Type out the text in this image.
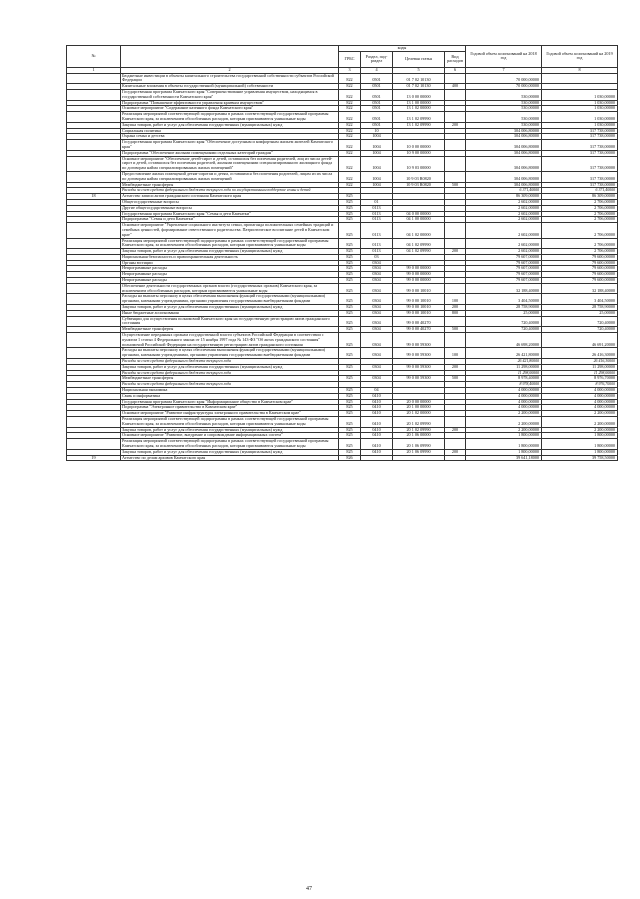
№	Наименование	коды				Годовой объем ассигнований на 2018 год	Годовой объем ассигнований на 2019 год
		ГРБС	Раздел, под-раздел	Целевая статья	Вид расходов		
1	2	3	4	5	6	7	8
	Бюджетные инвестиции в объекты капитального строительства государственной собственности субъектов Российской Федерации	822	0501	01 7 02 10130		70 000,00000	
	Капитальные вложения в объекты государственной (муниципальной) собственности	822	0501	01 7 02 10130	400	70 000,00000	
	Государственная программа Камчатского края "Совершенствование управления имуществом, находящимся в государственной собственности Камчатского края"	822	0501	13 0 00 00000		530,00000	1 030,00000
	Подпрограмма "Повышение эффективности управления краевым имуществом"	822	0501	13 1 00 00000		530,00000	1 030,00000
	Основное мероприятие "Содержание казенного фонда Камчатского края"	822	0501	13 1 02 00000		530,00000	1 030,00000
	Реализация мероприятий соответствующей подпрограммы в рамках соответствующей государственной программы Камчатского края, за исключением обособленных расходов, которым присваиваются уникальные коды	822	0501	13 1 02 09990		530,00000	1 030,00000
	Закупка товаров, работ и услуг для обеспечения государственных (муниципальных) нужд	822	0501	13 1 02 09990	200	530,00000	1 030,00000
	Социальная политика	822	10			304 006,80000	317 738,00000
	Охрана семьи и детства	822	1004			304 006,80000	317 738,00000
	Государственная программа Камчатского края "Обеспечение доступным и комфортным жильем жителей Камчатского края"	822	1004	10 0 00 00000		304 006,80000	317 738,00000
	Подпрограмма "Обеспечение жилыми помещениями отдельных категорий граждан"	822	1004	10 9 00 00000		304 006,80000	317 738,00000
	Основное мероприятие "Обеспечение детей-сирот и детей, оставшихся без попечения родителей, лиц из числа детей-сирот и детей, оставшихся без попечения родителей, жилыми помещениями специализированного жилищного фонда по договорам найма специализированных жилых помещений"	822	1004	10 9 03 00000		304 006,80000	317 738,00000
	Предоставление жилых помещений детям-сиротам и детям, оставшимся без попечения родителей, лицам из их числа по договорам найма специализированных жилых помещений	822	1004	10 9 03 R0820		304 006,80000	317 738,00000
	Межбюджетные трансферты	822	1004	10 9 03 R0820	500	304 006,80000	317 738,00000
	Расходы за счет средств федерального бюджета текущего года по государственным поддержке семьи и детей					6 371,40000	6 371,40000
18	Агентство записи актов гражданского состояния Камчатского края	825				86 309,00000	86 309,00000
	Общегосударственные вопросы	825	01			2 602,00000	2 706,00000
	Другие общегосударственные вопросы	825	0113			2 602,00000	2 706,00000
	Государственная программа Камчатского края "Семья и дети Камчатки"	825	0113	04 0 00 00000		2 602,00000	2 706,00000
	Подпрограмма "Семья и дети Камчатки"	825	0113	04 1 00 00000		2 602,00000	2 706,00000
	Основное мероприятие "Укрепление социального института семьи, пропаганда положительных семейных традиций и семейных ценностей, формирование ответственного родительства. Патриотическое воспитание детей в Камчатском крае"	825	0113	04 1 02 00000		2 602,00000	2 706,00000
	Реализация мероприятий соответствующей подпрограммы в рамках соответствующей государственной программы Камчатского края, за исключением обособленных расходов, которым присваиваются уникальные коды	825	0113	04 1 02 09990		2 602,00000	2 706,00000
	Закупка товаров, работ и услуг для обеспечения государственных (муниципальных) нужд	825	0113	04 1 02 09990	200	2 602,00000	2 706,00000
	Национальная безопасность и правоохранительная деятельность	825	03			79 607,00000	79 600,00000
	Органы юстиции	825	0304			79 607,00000	79 600,00000
	Непрограммные расходы	825	0304	99 0 00 00000		79 607,00000	79 600,00000
	Непрограммные расходы	825	0304	99 0 00 00000		79 607,00000	79 600,00000
	Непрограммные расходы	825	0304	99 0 00 00000		79 607,00000	79 600,00000
	Обеспечение деятельности государственных органов власти (государственных органов) Камчатского края, за исключением обособленных расходов, которым присваиваются уникальные коды	825	0304	99 0 00 10010		32 188,40000	32 188,40000
	Расходы на выплаты персоналу в целях обеспечения выполнения функций государственными (муниципальными) органами, казенными учреждениями, органами управления государственными внебюджетными фондами	825	0304	99 0 00 10010	100	3 404,50000	3 404,50000
	Закупка товаров, работ и услуг для обеспечения государственных (муниципальных) нужд	825	0304	99 0 00 10010	200	28 758,90000	28 758,90000
	Иные бюджетные ассигнования	825	0304	99 0 00 10010	800	25,00000	25,00000
	Субвенции для осуществления полномочий Камчатского края на государственную регистрацию актов гражданского состояния	825	0304	99 0 00 40270		720,40000	720,40000
	Межбюджетные трансферты	825	0304	99 0 00 40270	500	720,40000	720,40000
	Осуществление переданных органам государственной власти субъектов Российской Федерации в соответствии с пунктом 1 статьи 4 Федерального закона от 15 ноября 1997 года № 143-ФЗ "Об актах гражданского состояния" полномочий Российской Федерации на государственную регистрацию актов гражданского состояния	825	0304	99 0 00 59300		46 698,20000	46 691,20000
	Расходы на выплаты персоналу в целях обеспечения выполнения функций государственными (муниципальными) органами, казенными учреждениями, органами управления государственными внебюджетными фондами	825	0304	99 0 00 59300	100	26 421,80000	26 416,30000
	Расходы за счет средств федерального бюджета текущего года					26 421,80000	26 416,30000
	Закупка товаров, работ и услуг для обеспечения государственных (муниципальных) нужд	825	0304	99 0 00 59300	200	11 298,00000	11 298,00000
	Расходы за счет средств федерального бюджета текущего года					11 298,00000	11 298,00000
	Межбюджетные трансферты	825	0304	99 0 00 59300	500	8 978,40000	8 976,70000
	Расходы за счет средств федерального бюджета текущего года					8 978,40000	8 976,70000
	Национальная экономика	825	04			4 000,00000	4 000,00000
	Связь и информатика	825	0410			4 000,00000	4 000,00000
	Государственная программа Камчатского края "Информационное общество в Камчатском крае"	825	0410	20 0 00 00000		4 000,00000	4 000,00000
	Подпрограмма "Электронное правительство в Камчатском крае"	825	0410	20 1 00 00000		4 000,00000	4 000,00000
	Основное мероприятие "Развитие инфраструктуры электронного правительства в Камчатском крае"	825	0410	20 1 02 00000		2 200,00000	2 200,00000
	Реализация мероприятий соответствующей подпрограммы в рамках соответствующей государственной программы Камчатского края, за исключением обособленных расходов, которым присваиваются уникальные коды	825	0410	20 1 02 09990		2 200,00000	2 200,00000
	Закупка товаров, работ и услуг для обеспечения государственных (муниципальных) нужд	825	0410	20 1 02 09990	200	2 200,00000	2 200,00000
	Основное мероприятие "Развитие, внедрение и сопровождение информационных систем"	825	0410	20 1 06 00000		1 800,00000	1 800,00000
	Реализация мероприятий соответствующей подпрограммы в рамках соответствующей государственной программы Камчатского края, за исключением обособленных расходов, которым присваиваются уникальные коды	825	0410	20 1 06 09990		1 800,00000	1 800,00000
	Закупка товаров, работ и услуг для обеспечения государственных (муниципальных) нужд	825	0410	20 1 06 09990	200	1 800,00000	1 800,00000
19	Агентство по делам архивов Камчатского края	826				39 641,18000	39 758,50000
47
